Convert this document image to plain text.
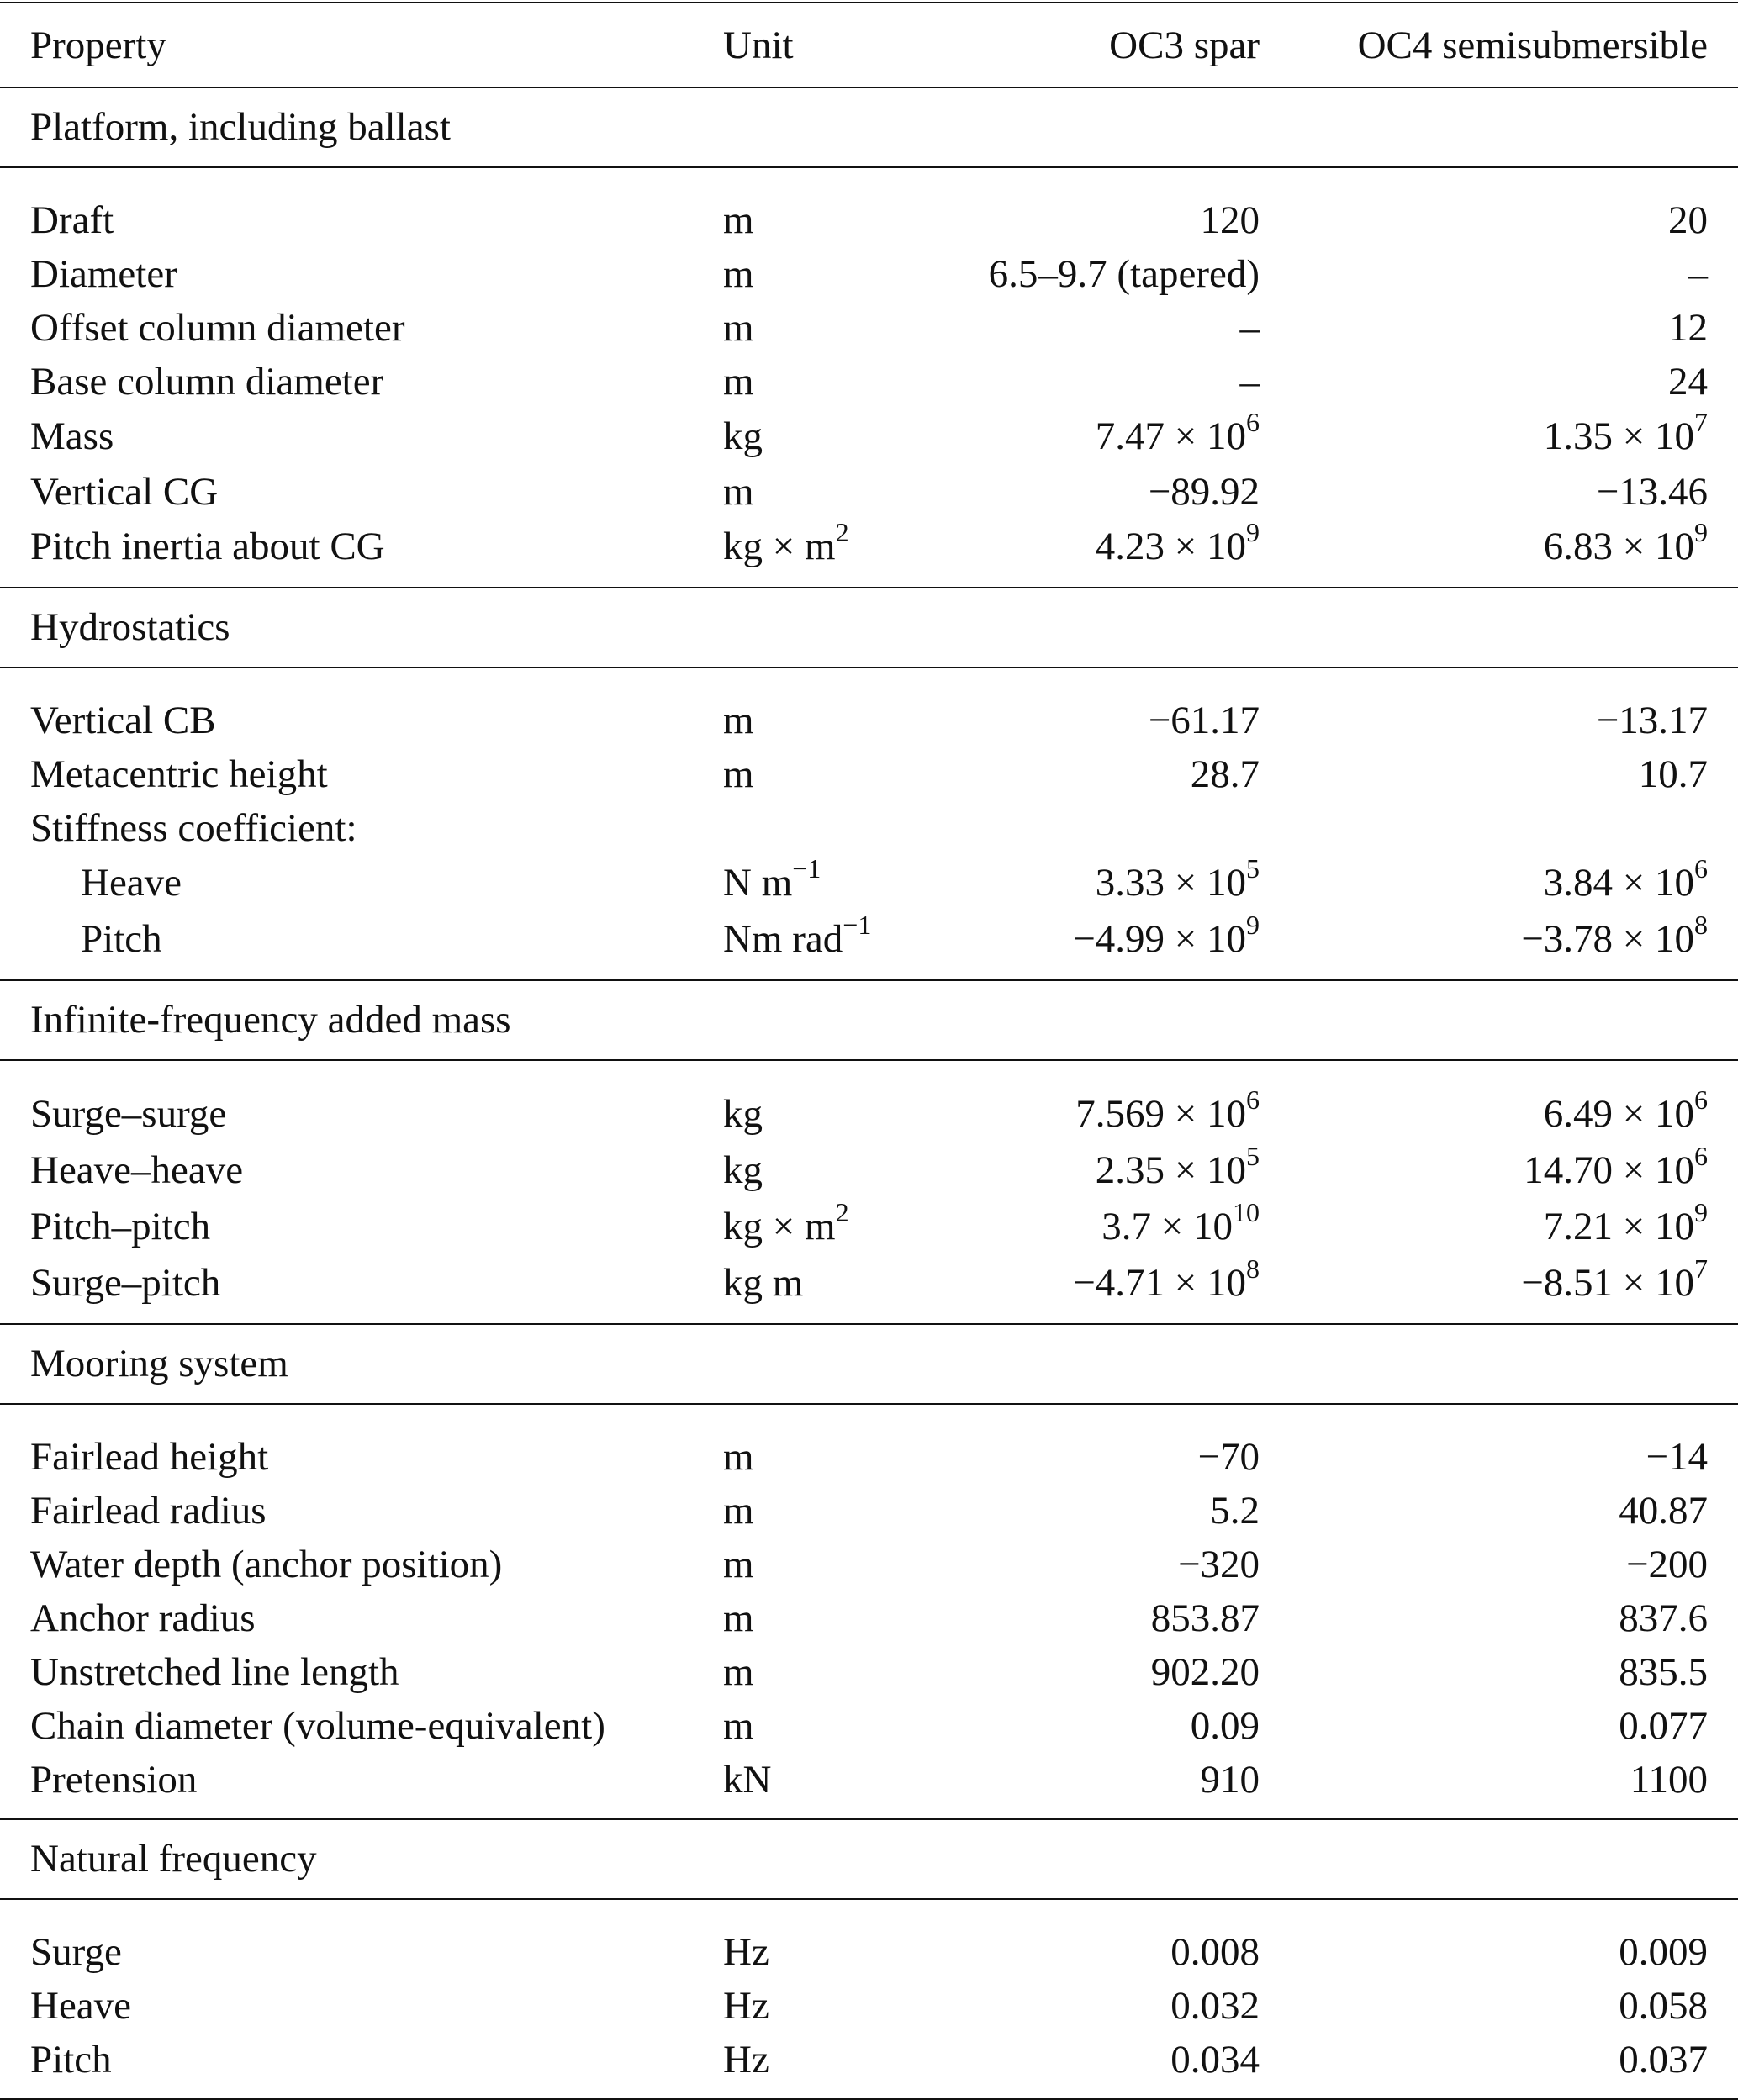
Property	Unit	OC3 spar	OC4 semisubmersible
Platform, including ballast			
Draft	m	120	20
Diameter	m	6.5–9.7 (tapered)	–
Offset column diameter	m	–	12
Base column diameter	m	–	24
Mass	kg	$7.47 \times 10^6$	$1.35 \times 10^7$
Vertical CG	m	−89.92	−13.46
Pitch inertia about CG	kg × $m^2$	$4.23 \times 10^9$	$6.83 \times 10^9$
Hydrostatics			
Vertical CB	m	−61.17	−13.17
Metacentric height	m	28.7	10.7
Stiffness coefficient:			
Heave	N $m^{-1}$	$3.33 \times 10^5$	$3.84 \times 10^6$
Pitch	Nm rad$^{-1}$	$-4.99 \times 10^9$	$-3.78 \times 10^8$
Infinite-frequency added mass			
Surge–surge	kg	$7.569 \times 10^6$	$6.49 \times 10^6$
Heave–heave	kg	$2.35 \times 10^5$	$14.70 \times 10^6$
Pitch–pitch	kg × $m^2$	$3.7 \times 10^{10}$	$7.21 \times 10^9$
Surge–pitch	kg m	$-4.71 \times 10^8$	$-8.51 \times 10^7$
Mooring system			
Fairlead height	m	−70	−14
Fairlead radius	m	5.2	40.87
Water depth (anchor position)	m	−320	−200
Anchor radius	m	853.87	837.6
Unstretched line length	m	902.20	835.5
Chain diameter (volume-equivalent)	m	0.09	0.077
Pretension	kN	910	1100
Natural frequency			
Surge	Hz	0.008	0.009
Heave	Hz	0.032	0.058
Pitch	Hz	0.034	0.037
